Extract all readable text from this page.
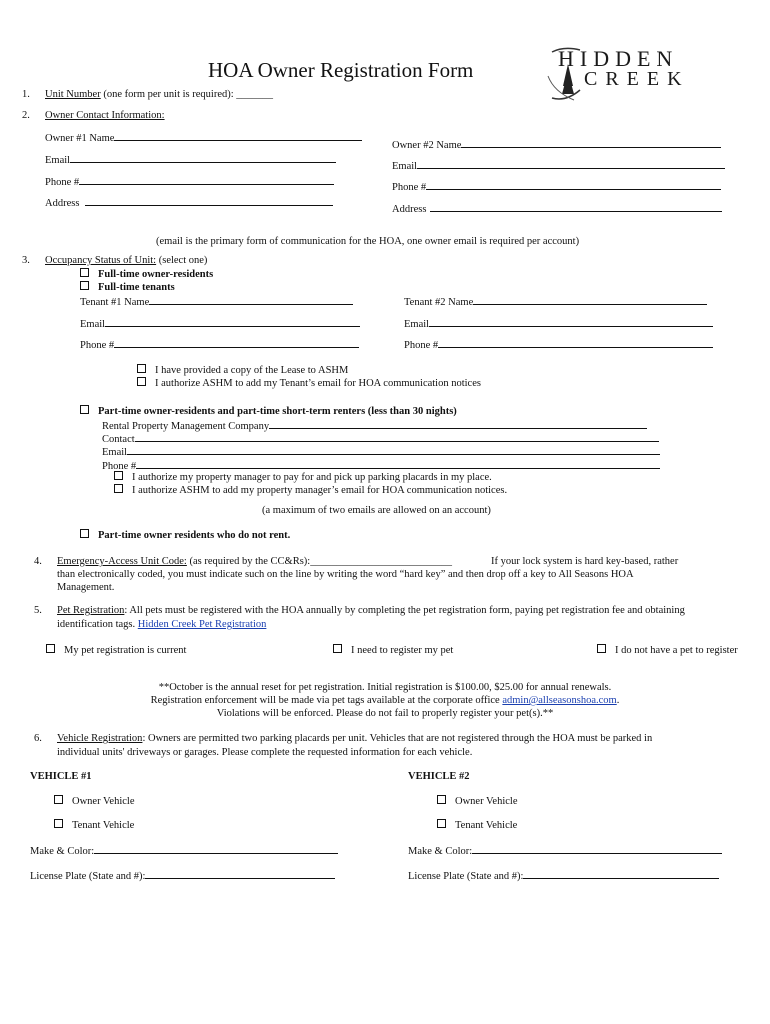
HOA Owner Registration Form	HIDDEN
CREEK
1. Unit Number (one form per unit is required): _______
2. Owner Contact Information:
Owner #1 Name
Email
Phone #
Address
Owner #2 Name
Email
Phone #
Address
(email is the primary form of communication for the HOA, one owner email is required per account)
3. Occupancy Status of Unit: (select one)
Full-time owner-residents
Full-time tenants
Tenant #1 Name
Email
Phone #
Tenant #2 Name
Email
Phone #
I have provided a copy of the Lease to ASHM
I authorize ASHM to add my Tenant’s email for HOA communication notices
Part-time owner-residents and part-time short-term renters (less than 30 nights)
Rental Property Management Company
Contact
Email
Phone #
I authorize my property manager to pay for and pick up parking placards in my place.
I authorize ASHM to add my property manager’s email for HOA communication notices.
(a maximum of two emails are allowed on an account)
Part-time owner residents who do not rent.
4. Emergency-Access Unit Code: (as required by the CC&Rs):___________________________	If your lock system is hard key-based, rather
than electronically coded, you must indicate such on the line by writing the word “hard key” and then drop off a key to All Seasons HOA
Management.
5. Pet Registration: All pets must be registered with the HOA annually by completing the pet registration form, paying pet registration fee and obtaining
identification tags. Hidden Creek Pet Registration
My pet registration is current	I need to register my pet	I do not have a pet to register
**October is the annual reset for pet registration. Initial registration is $100.00, $25.00 for annual renewals.
Registration enforcement will be made via pet tags available at the corporate office admin@allseasonshoa.com.
Violations will be enforced. Please do not fail to properly register your pet(s).**
6. Vehicle Registration: Owners are permitted two parking placards per unit. Vehicles that are not registered through the HOA must be parked in
individual units' driveways or garages. Please complete the requested information for each vehicle.
VEHICLE #1
Owner Vehicle
Tenant Vehicle
Make & Color:
License Plate (State and #):
VEHICLE #2
Owner Vehicle
Tenant Vehicle
Make & Color:
License Plate (State and #):
